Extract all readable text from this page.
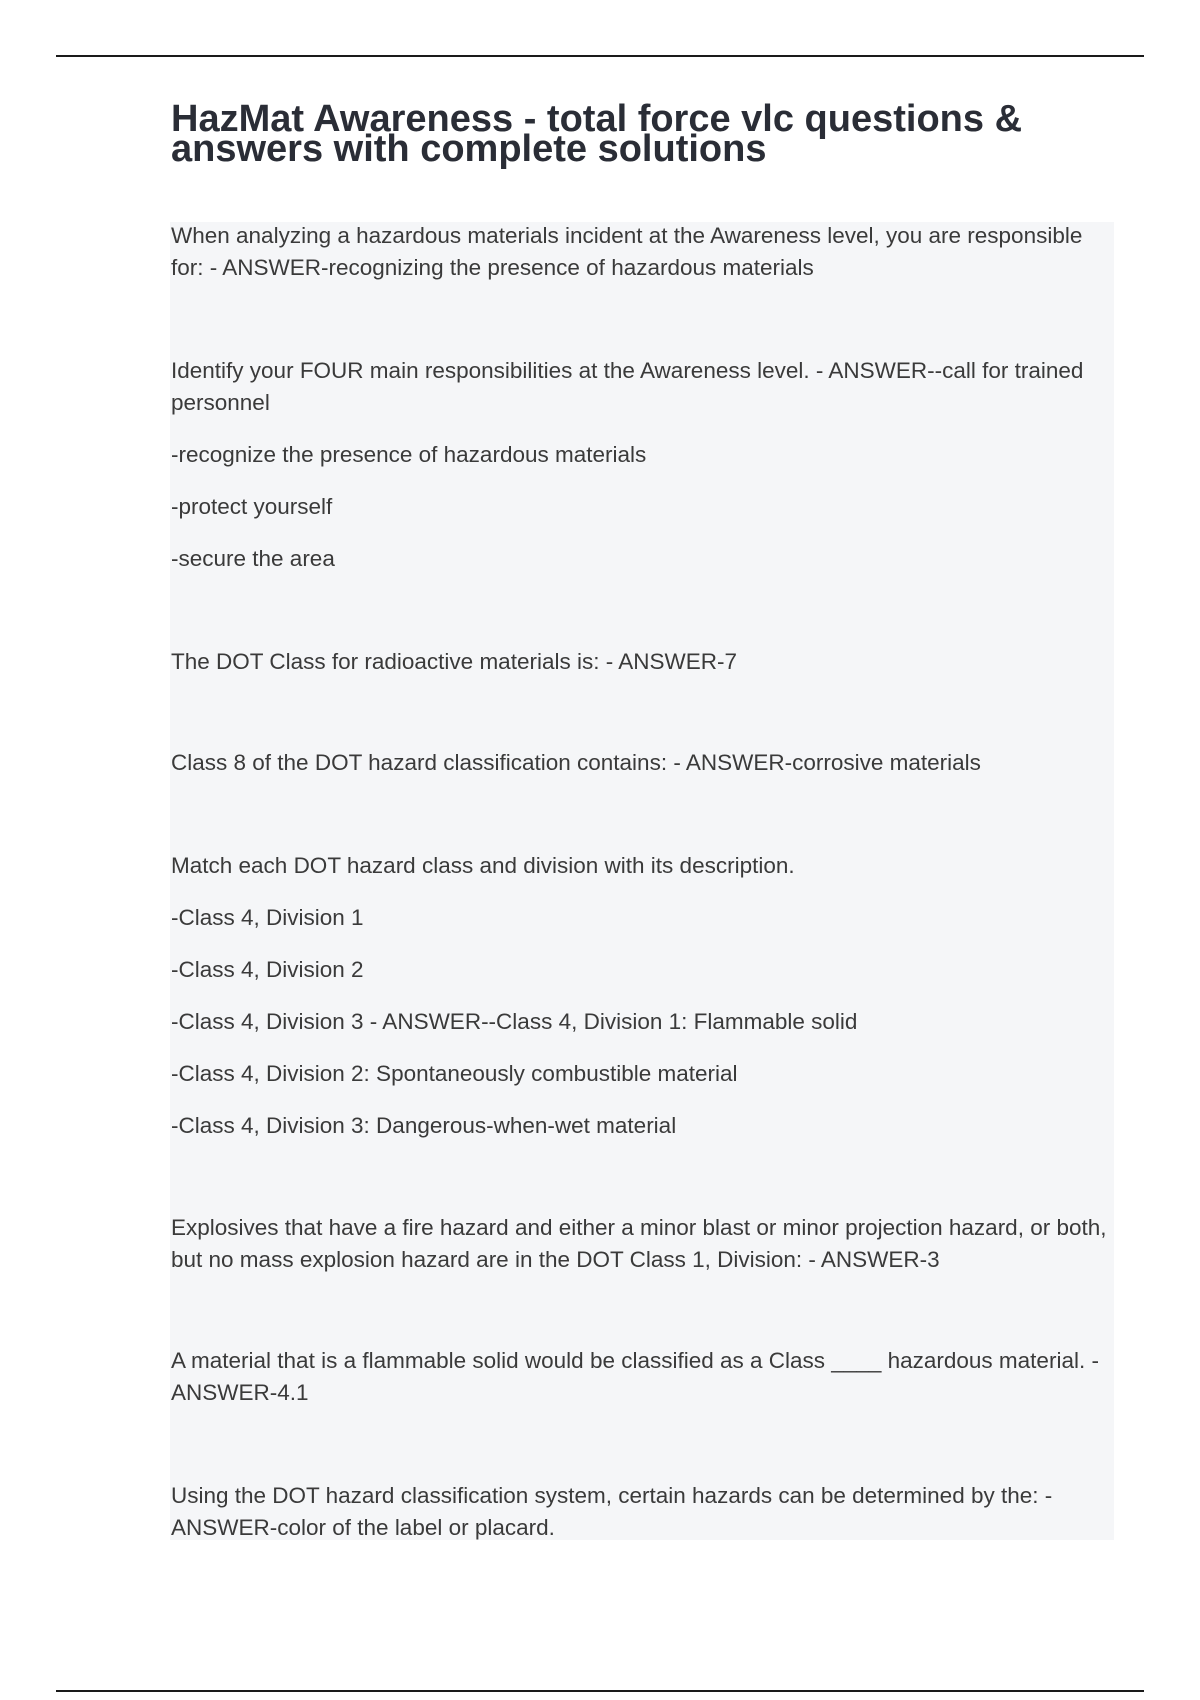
HazMat Awareness - total force vlc questions & answers with complete solutions

When analyzing a hazardous materials incident at the Awareness level, you are responsible for: - ANSWER-recognizing the presence of hazardous materials

Identify your FOUR main responsibilities at the Awareness level. - ANSWER--call for trained personnel

-recognize the presence of hazardous materials

-protect yourself

-secure the area

The DOT Class for radioactive materials is: - ANSWER-7

Class 8 of the DOT hazard classification contains: - ANSWER-corrosive materials

Match each DOT hazard class and division with its description.

-Class 4, Division 1

-Class 4, Division 2

-Class 4, Division 3 - ANSWER--Class 4, Division 1: Flammable solid

-Class 4, Division 2: Spontaneously combustible material

-Class 4, Division 3: Dangerous-when-wet material

Explosives that have a fire hazard and either a minor blast or minor projection hazard, or both, but no mass explosion hazard are in the DOT Class 1, Division: - ANSWER-3

A material that is a flammable solid would be classified as a Class ____ hazardous material. - ANSWER-4.1

Using the DOT hazard classification system, certain hazards can be determined by the: - ANSWER-color of the label or placard.
